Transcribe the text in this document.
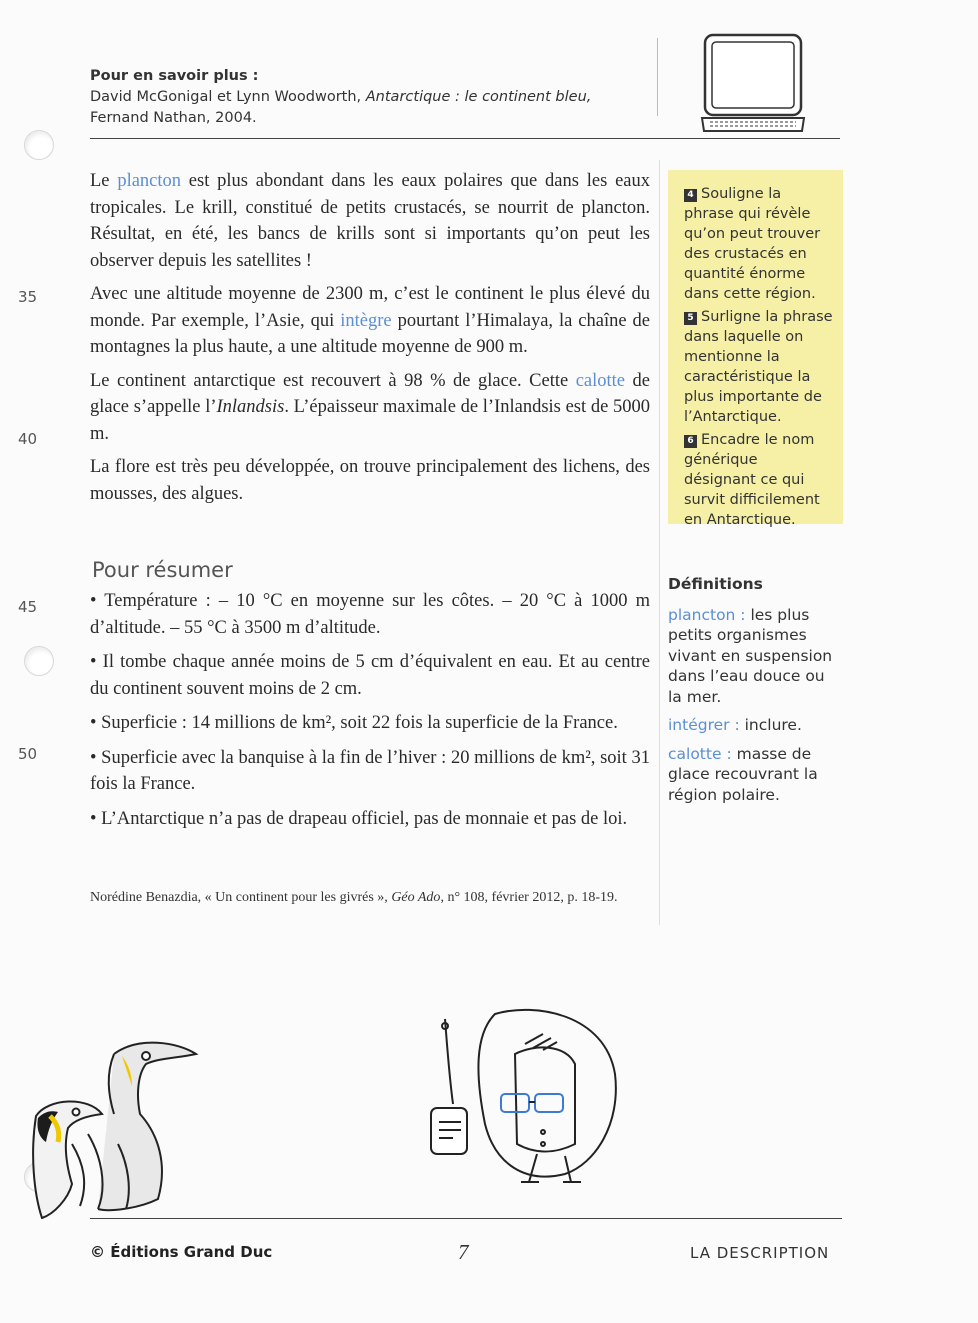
Pour en savoir plus :
David McGonigal et Lynn Woodworth, Antarctique : le continent bleu,
Fernand Nathan, 2004.
35
40
45
50

Le plancton est plus abondant dans les eaux polaires que dans les eaux tropicales. Le krill, constitué de petits crustacés, se nourrit de plancton. Résultat, en été, les bancs de krills sont si importants qu’on peut les observer depuis les satellites !

Avec une altitude moyenne de 2300 m, c’est le continent le plus élevé du monde. Par exemple, l’Asie, qui intègre pourtant l’Himalaya, la chaîne de montagnes la plus haute, a une altitude moyenne de 900 m.

Le continent antarctique est recouvert à 98 % de glace. Cette calotte de glace s’appelle l’Inlandsis. L’épaisseur maximale de l’Inlandsis est de 5000 m.

La flore est très peu développée, on trouve principalement des lichens, des mousses, des algues.

Pour résumer

• Température : – 10 °C en moyenne sur les côtes. – 20 °C à 1000 m d’altitude. – 55 °C à 3500 m d’altitude.

• Il tombe chaque année moins de 5 cm d’équivalent en eau. Et au centre du continent souvent moins de 2 cm.

• Superficie : 14 millions de km², soit 22 fois la superficie de la France.

• Superficie avec la banquise à la fin de l’hiver : 20 millions de km², soit 31 fois la France.

• L’Antarctique n’a pas de drapeau officiel, pas de monnaie et pas de loi.

Norédine Benazdia, « Un continent pour les givrés », Géo Ado, n° 108, février 2012, p. 18-19.
4 Souligne la phrase qui révèle qu’on peut trouver des crustacés en quantité énorme dans cette région.
5 Surligne la phrase dans laquelle on mentionne la caractéristique la plus importante de l’Antarctique.
6 Encadre le nom générique désignant ce qui survit difficilement en Antarctique.
Définitions
plancton : les plus petits organismes vivant en suspension dans l’eau douce ou la mer.
intégrer : inclure.
calotte : masse de glace recouvrant la région polaire.
© Éditions Grand Duc	7	LA DESCRIPTION
